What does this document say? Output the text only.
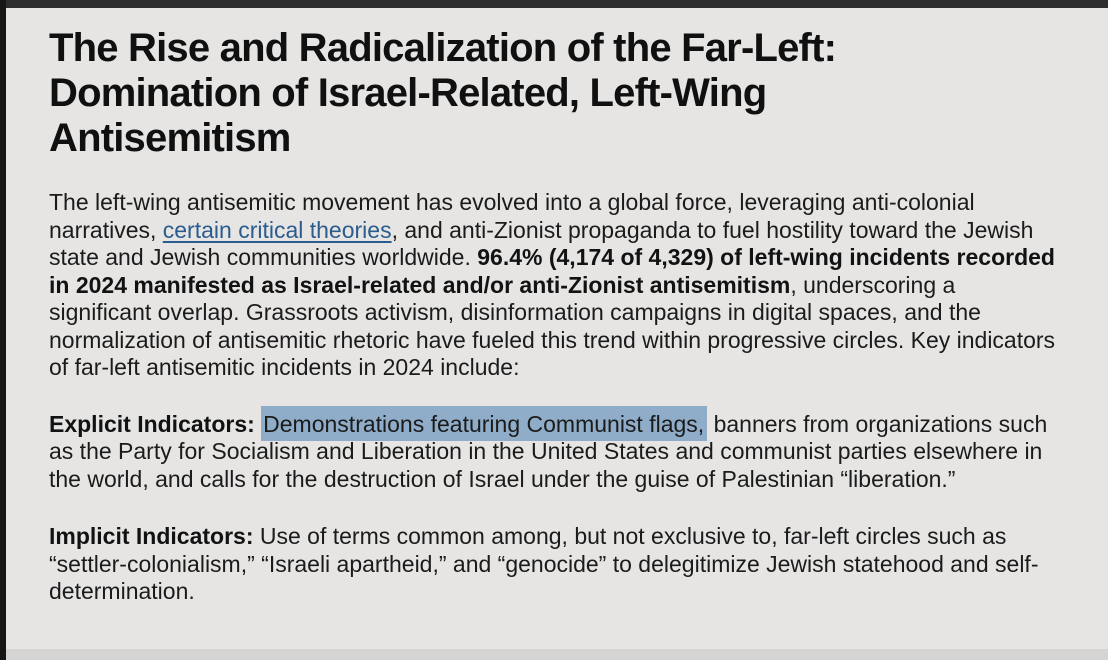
The Rise and Radicalization of the Far-Left:
Domination of Israel-Related, Left-Wing
Antisemitism

The left-wing antisemitic movement has evolved into a global force, leveraging anti-colonial narratives, certain critical theories, and anti-Zionist propaganda to fuel hostility toward the Jewish state and Jewish communities worldwide. 96.4% (4,174 of 4,329) of left-wing incidents recorded in 2024 manifested as Israel-related and/or anti-Zionist antisemitism, underscoring a significant overlap. Grassroots activism, disinformation campaigns in digital spaces, and the normalization of antisemitic rhetoric have fueled this trend within progressive circles. Key indicators of far-left antisemitic incidents in 2024 include:

Explicit Indicators: Demonstrations featuring Communist flags, banners from organizations such as the Party for Socialism and Liberation in the United States and communist parties elsewhere in the world, and calls for the destruction of Israel under the guise of Palestinian “liberation.”

Implicit Indicators: Use of terms common among, but not exclusive to, far-left circles such as “settler-colonialism,” “Israeli apartheid,” and “genocide” to delegitimize Jewish statehood and self-determination.
